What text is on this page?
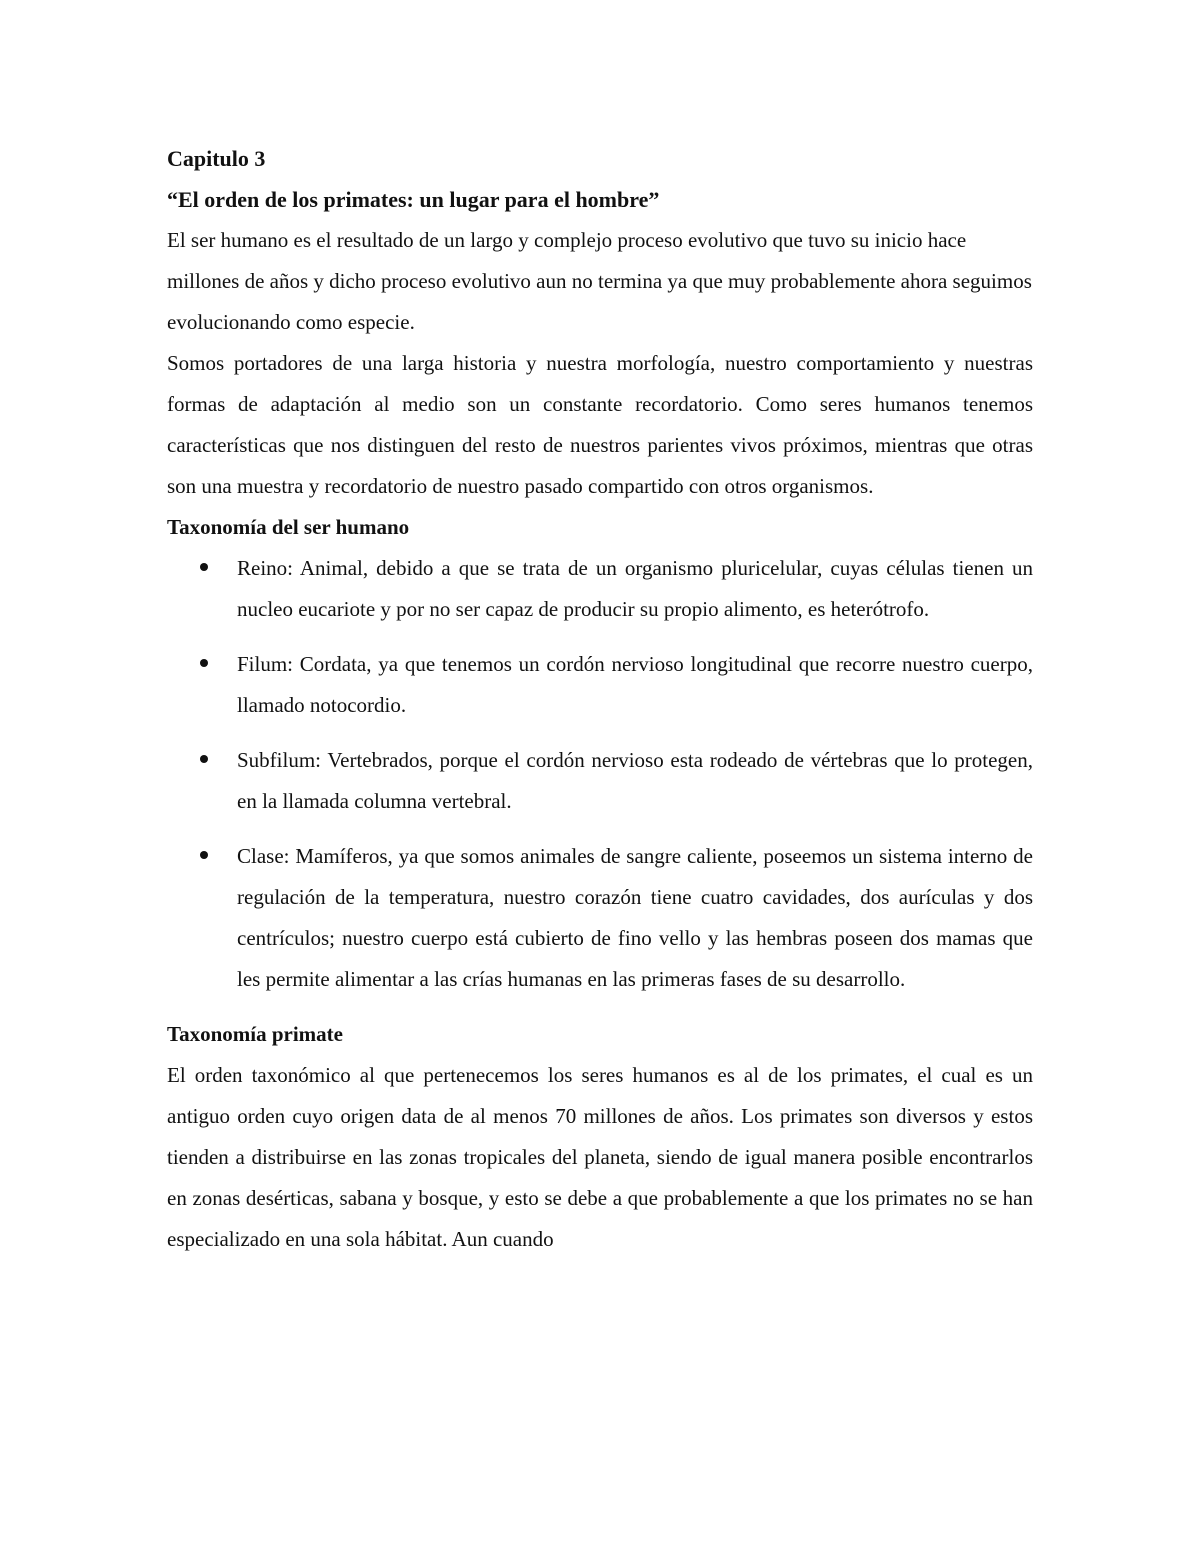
Capitulo 3

“El orden de los primates: un lugar para el hombre”

El ser humano es el resultado de un largo y complejo proceso evolutivo que tuvo su inicio hace millones de años y dicho proceso evolutivo aun no termina ya que muy probablemente ahora seguimos evolucionando como especie.

Somos portadores de una larga historia y nuestra morfología, nuestro comportamiento y nuestras formas de adaptación al medio son un constante recordatorio. Como seres humanos tenemos características que nos distinguen del resto de nuestros parientes vivos próximos, mientras que otras son una muestra y recordatorio de nuestro pasado compartido con otros organismos.

Taxonomía del ser humano

Reino: Animal, debido a que se trata de un organismo pluricelular, cuyas células tienen un nucleo eucariote y por no ser capaz de producir su propio alimento, es heterótrofo.
Filum: Cordata, ya que tenemos un cordón nervioso longitudinal que recorre nuestro cuerpo, llamado notocordio.
Subfilum: Vertebrados, porque el cordón nervioso esta rodeado de vértebras que lo protegen, en la llamada columna vertebral.
Clase: Mamíferos, ya que somos animales de sangre caliente, poseemos un sistema interno de regulación de la temperatura, nuestro corazón tiene cuatro cavidades, dos aurículas y dos centrículos; nuestro cuerpo está cubierto de fino vello y las hembras poseen dos mamas que les permite alimentar a las crías humanas en las primeras fases de su desarrollo.

Taxonomía primate

El orden taxonómico al que pertenecemos los seres humanos es al de los primates, el cual es un antiguo orden cuyo origen data de al menos 70 millones de años. Los primates son diversos y estos tienden a distribuirse en las zonas tropicales del planeta, siendo de igual manera posible encontrarlos en zonas desérticas, sabana y bosque, y esto se debe a que probablemente a que los primates no se han especializado en una sola hábitat. Aun cuando
